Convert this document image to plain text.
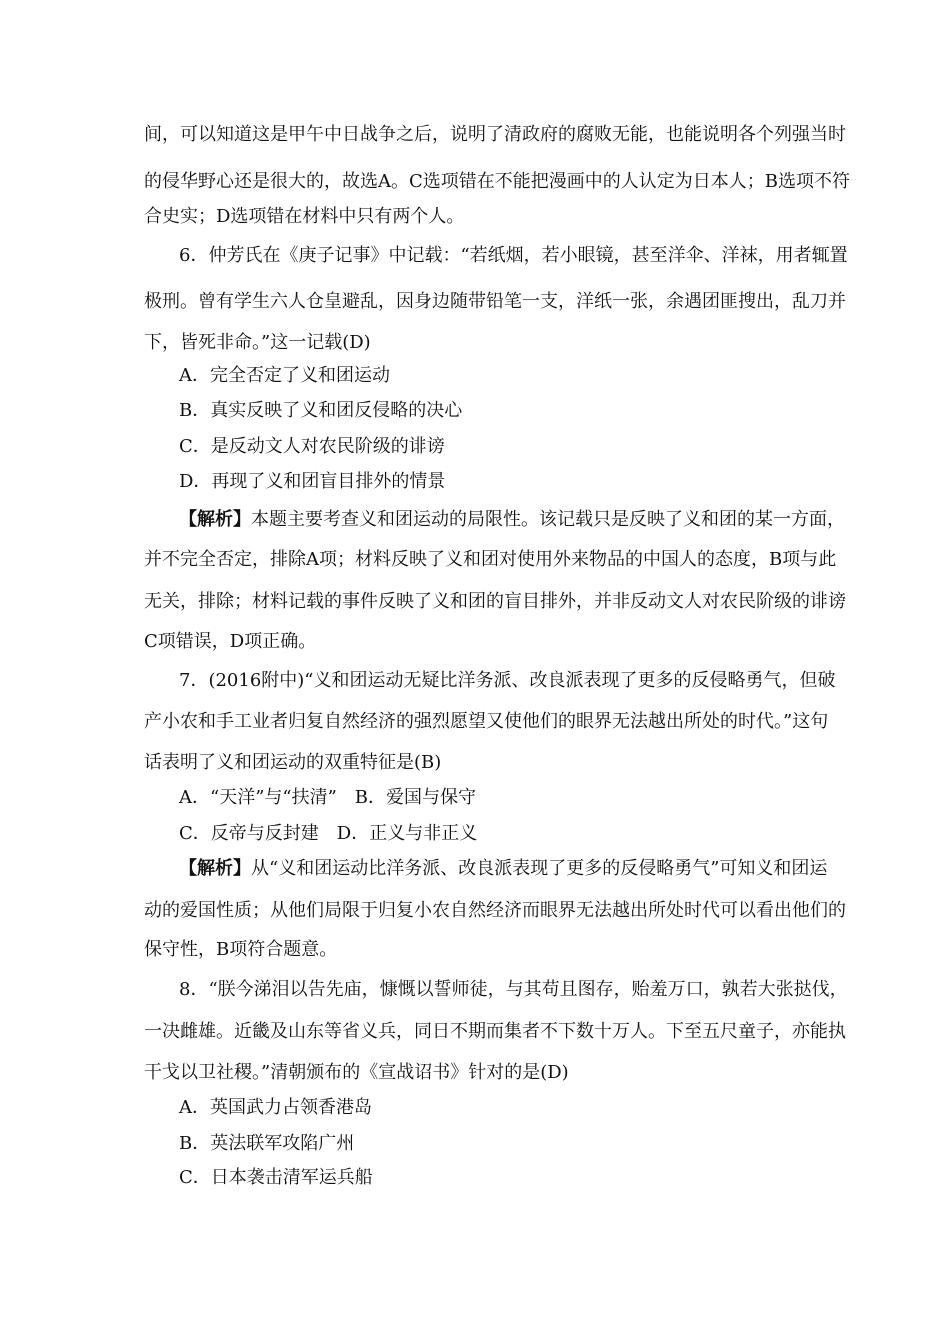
间，可以知道这是甲午中日战争之后，说明了清政府的腐败无能，也能说明各个列强当时
的侵华野心还是很大的，故选A。C选项错在不能把漫画中的人认定为日本人；B选项不符
合史实；D选项错在材料中只有两个人。
6．仲芳氏在《庚子记事》中记载：“若纸烟，若小眼镜，甚至洋伞、洋袜，用者辄置
极刑。曾有学生六人仓皇避乱，因身边随带铅笔一支，洋纸一张，余遇团匪搜出，乱刀并
下，皆死非命。”这一记载(D)
A．完全否定了义和团运动
B．真实反映了义和团反侵略的决心
C．是反动文人对农民阶级的诽谤
D．再现了义和团盲目排外的情景
【解析】本题主要考查义和团运动的局限性。该记载只是反映了义和团的某一方面，
并不完全否定，排除A项；材料反映了义和团对使用外来物品的中国人的态度，B项与此
无关，排除；材料记载的事件反映了义和团的盲目排外，并非反动文人对农民阶级的诽谤
C项错误，D项正确。
7．(2016附中)“义和团运动无疑比洋务派、改良派表现了更多的反侵略勇气，但破
产小农和手工业者归复自然经济的强烈愿望又使他们的眼界无法越出所处的时代。”这句
话表明了义和团运动的双重特征是(B)
A．“天洋”与“扶清”　B．爱国与保守
C．反帝与反封建　D．正义与非正义
【解析】从“义和团运动比洋务派、改良派表现了更多的反侵略勇气”可知义和团运
动的爱国性质；从他们局限于归复小农自然经济而眼界无法越出所处时代可以看出他们的
保守性，B项符合题意。
8．“朕今涕泪以告先庙，慷慨以誓师徒，与其苟且图存，贻羞万口，孰若大张挞伐，
一决雌雄。近畿及山东等省义兵，同日不期而集者不下数十万人。下至五尺童子，亦能执
干戈以卫社稷。”清朝颁布的《宣战诏书》针对的是(D)
A．英国武力占领香港岛
B．英法联军攻陷广州
C．日本袭击清军运兵船
